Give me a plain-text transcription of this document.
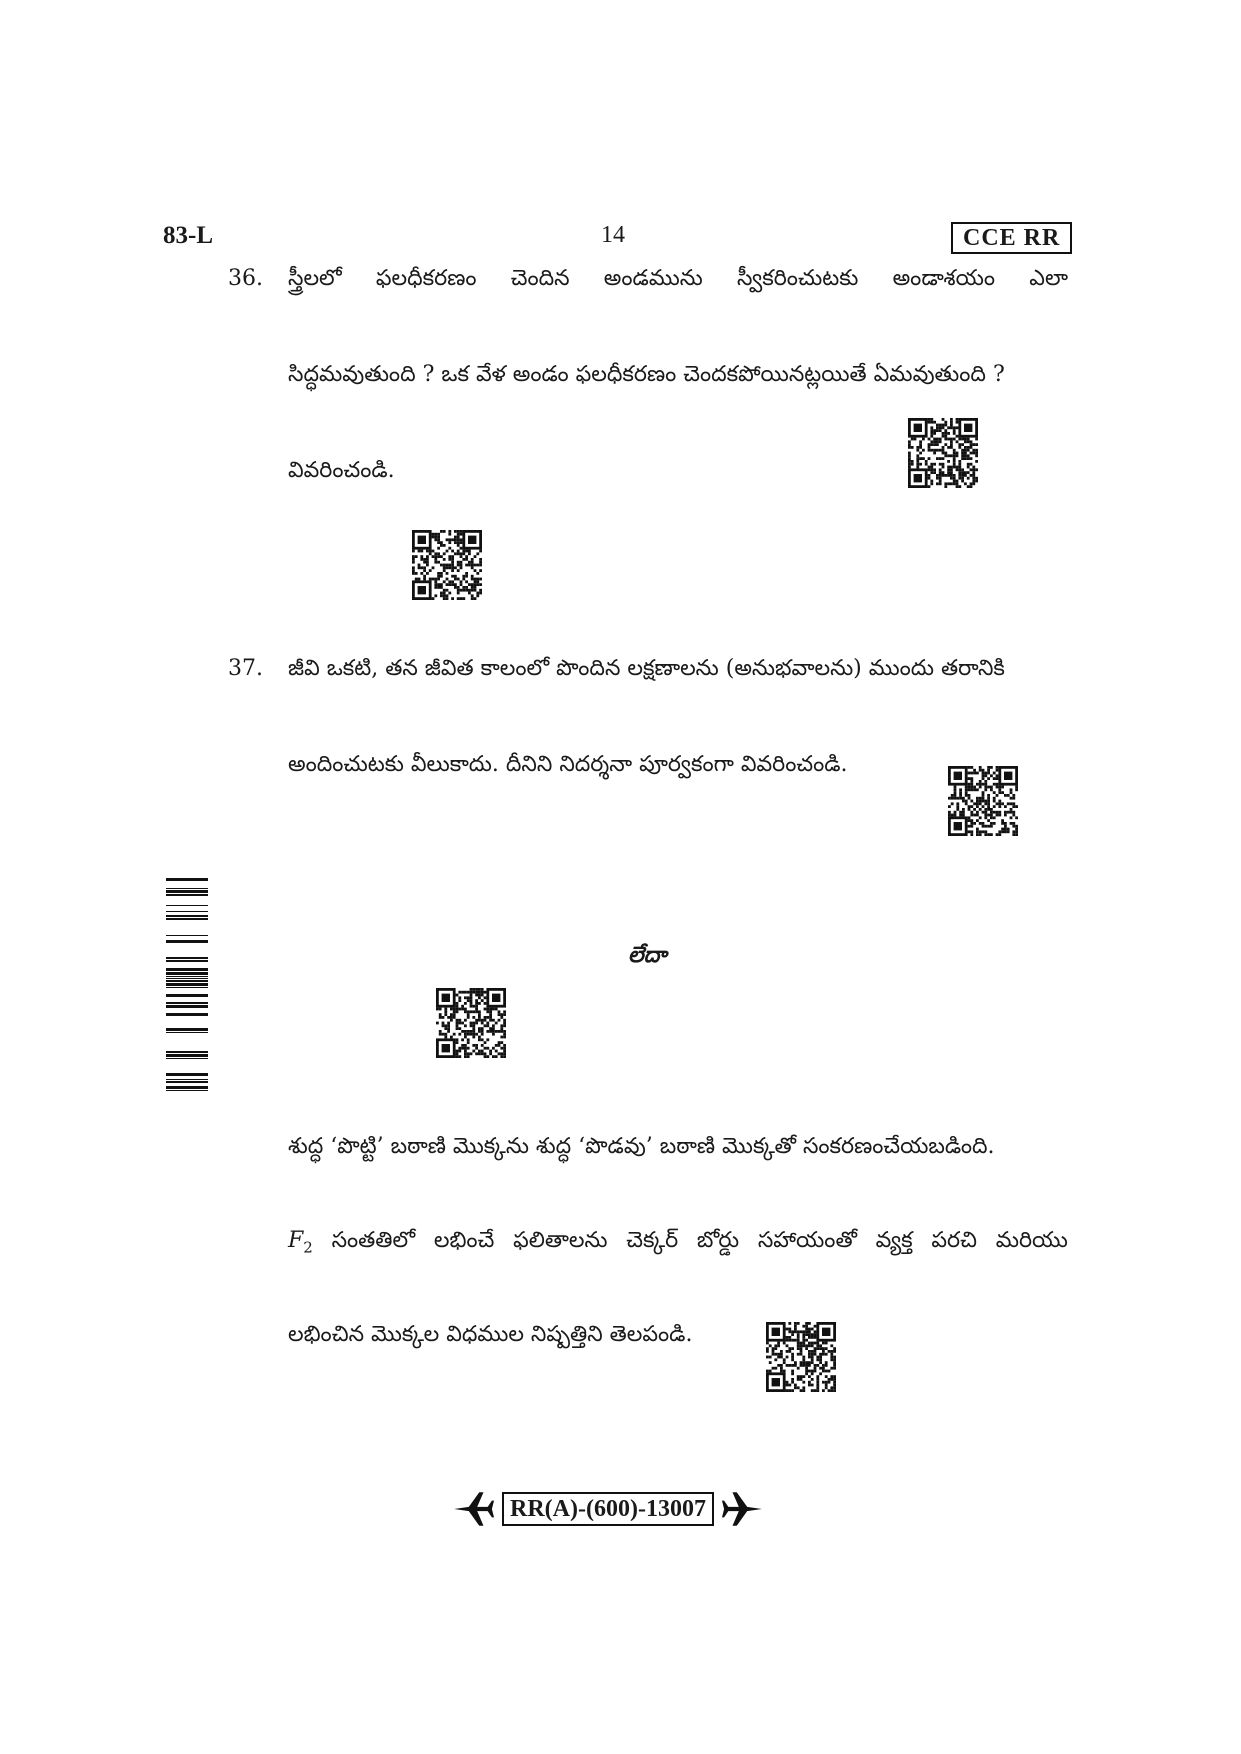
83-L	14	CCE RR
36. స్త్రీలలో ఫలధీకరణం చెందిన అండమును స్వీకరించుటకు అండాశయం ఎలా
సిద్ధమవుతుంది ? ఒక వేళ అండం ఫలధీకరణం చెందకపోయినట్లయితే ఏమవుతుంది ?
వివరించండి.
37. జీవి ఒకటి, తన జీవిత కాలంలో పొందిన లక్షణాలను (అనుభవాలను) ముందు తరానికి
అందించుటకు వీలుకాదు. దీనిని నిదర్శనా పూర్వకంగా వివరించండి.
లేదా
శుద్ధ ‘పొట్టి’ బఠాణి మొక్కను శుద్ధ ‘పొడవు’ బఠాణి మొక్కతో సంకరణంచేయబడింది.
$F_2$ సంతతిలో లభించే ఫలితాలను చెక్కర్ బోర్డు సహాయంతో వ్యక్త పరచి మరియు
లభించిన మొక్కల విధముల నిష్పత్తిని తెలపండి.
RR(A)-(600)-13007
